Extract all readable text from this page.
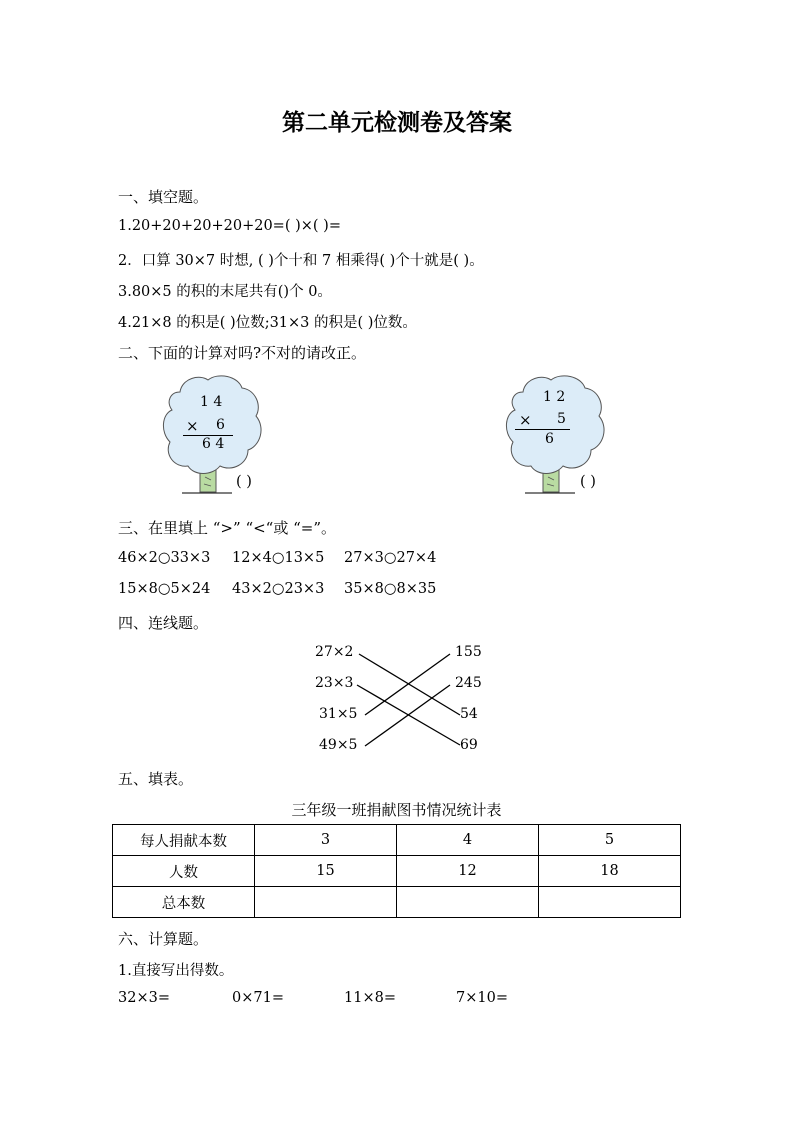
第二单元检测卷及答案
一、填空题。
1.20+20+20+20+20=( )×( )=
2．口算 30×7 时想, ( )个十和 7 相乘得( )个十就是( )。
3.80×5 的积的末尾共有()个 0。
4.21×8 的积是( )位数;31×3 的积是( )位数。
二、下面的计算对吗?不对的请改正。
1 4
× 6
6 4
( )
1 2
× 5
6
( )
三、在里填上 “>” “<“或 “=”。
46×2○33×3 12×4○13×5 27×3○27×4
15×8○5×24 43×2○23×3 35×8○8×35
四、连线题。
27×2
23×3
31×5
49×5
155
245
54
69
五、填表。
三年级一班捐献图书情况统计表
每人捐献本数	3	4	5
人数	15	12	18
总本数			
六、计算题。
1.直接写出得数。
32×3=	0×71=	11×8=	7×10=
